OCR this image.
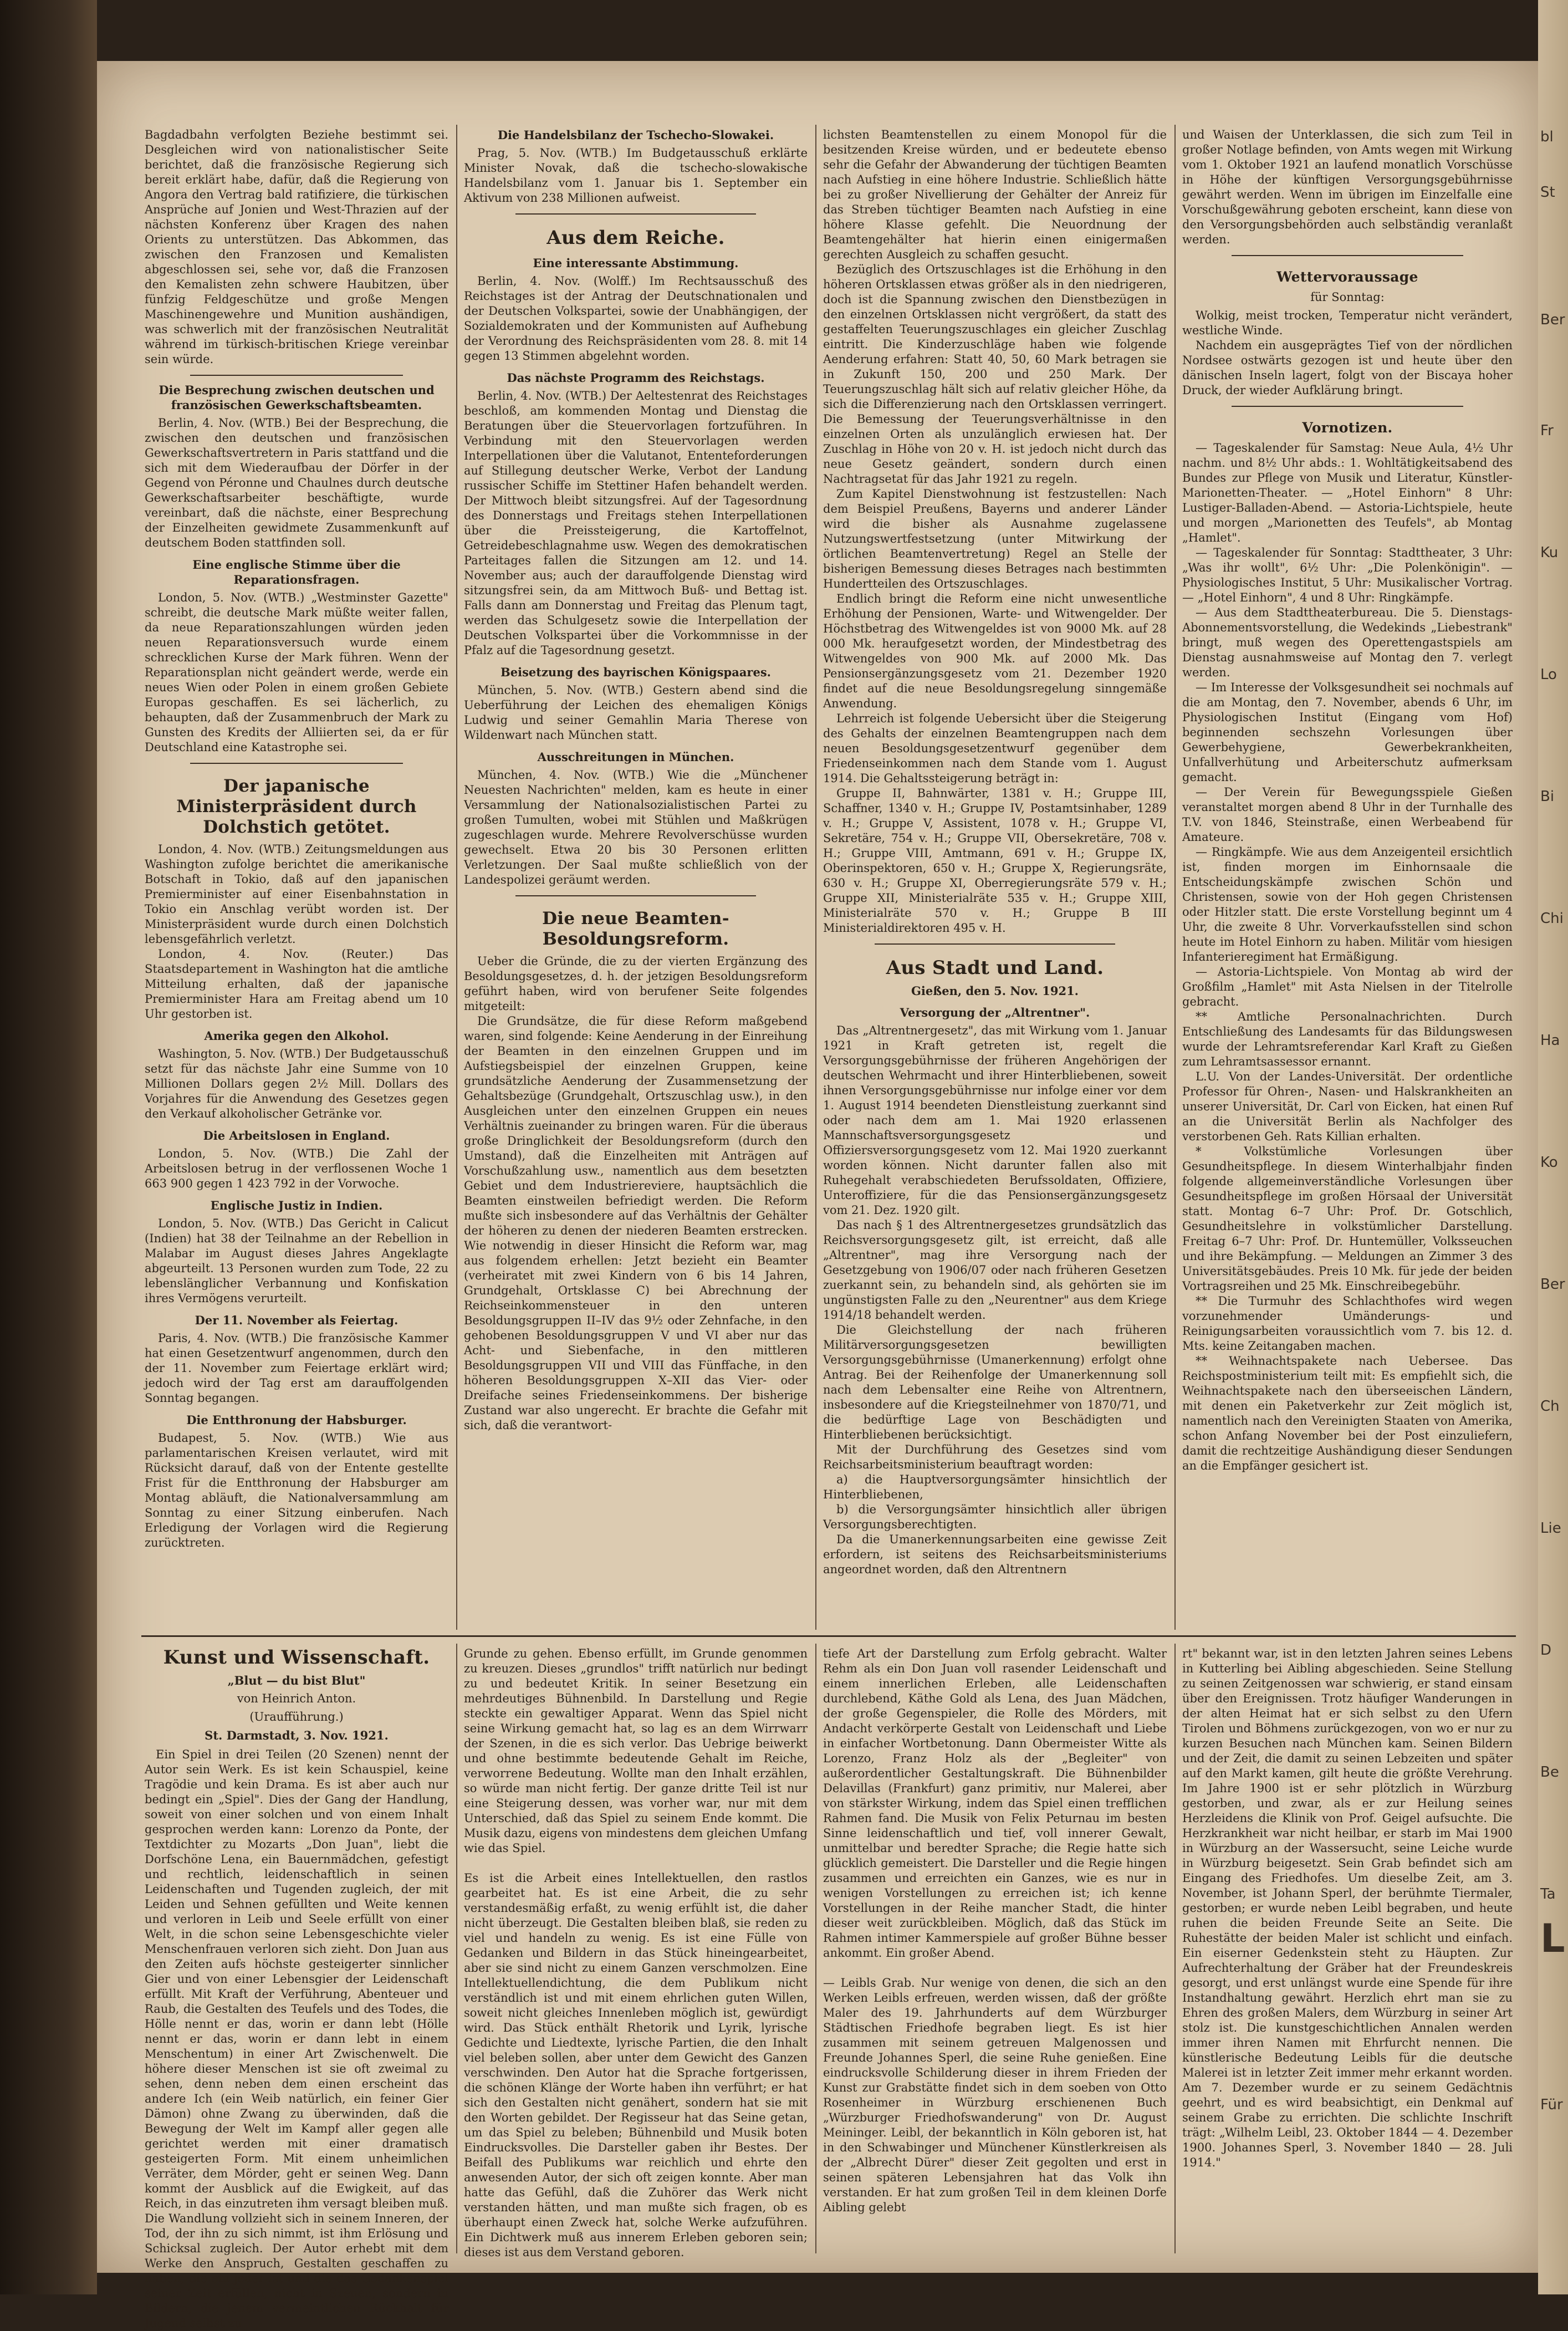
bl
St
Ber
Fr
Ku
Lo
Bi
Chi
Ha
Ko
Ber
Ch
Lie
D
Be
Ta
L
Für

Bagdadbahn verfolgten Beziehe bestimmt sei. Desgleichen wird von nationalistischer Seite berichtet, daß die französische Regierung sich bereit erklärt habe, dafür, daß die Regierung von Angora den Vertrag bald ratifiziere, die türkischen Ansprüche auf Jonien und West-Thrazien auf der nächsten Konferenz über Kragen des nahen Orients zu unterstützen. Das Abkommen, das zwischen den Franzosen und Kemalisten abgeschlossen sei, sehe vor, daß die Franzosen den Kemalisten zehn schwere Haubitzen, über fünfzig Feldgeschütze und große Mengen Maschinengewehre und Munition aushändigen, was schwerlich mit der französischen Neutralität während im türkisch-britischen Kriege vereinbar sein würde.

Die Besprechung zwischen deutschen und französischen Gewerkschaftsbeamten.

Berlin, 4. Nov. (WTB.) Bei der Besprechung, die zwischen den deutschen und französischen Gewerkschaftsvertretern in Paris stattfand und die sich mit dem Wiederaufbau der Dörfer in der Gegend von Péronne und Chaulnes durch deutsche Gewerkschaftsarbeiter beschäftigte, wurde vereinbart, daß die nächste, einer Besprechung der Einzelheiten gewidmete Zusammenkunft auf deutschem Boden stattfinden soll.

Eine englische Stimme über die Reparationsfragen.

London, 5. Nov. (WTB.) „Westminster Gazette" schreibt, die deutsche Mark müßte weiter fallen, da neue Reparationszahlungen würden jeden neuen Reparationsversuch wurde einem schrecklichen Kurse der Mark führen. Wenn der Reparationsplan nicht geändert werde, werde ein neues Wien oder Polen in einem großen Gebiete Europas geschaffen. Es sei lächerlich, zu behaupten, daß der Zusammenbruch der Mark zu Gunsten des Kredits der Alliierten sei, da er für Deutschland eine Katastrophe sei.

Der japanische Ministerpräsident durch Dolchstich getötet.

London, 4. Nov. (WTB.) Zeitungsmeldungen aus Washington zufolge berichtet die amerikanische Botschaft in Tokio, daß auf den japanischen Premierminister auf einer Eisenbahnstation in Tokio ein Anschlag verübt worden ist. Der Ministerpräsident wurde durch einen Dolchstich lebensgefährlich verletzt.

London, 4. Nov. (Reuter.) Das Staatsdepartement in Washington hat die amtliche Mitteilung erhalten, daß der japanische Premierminister Hara am Freitag abend um 10 Uhr gestorben ist.

Amerika gegen den Alkohol.

Washington, 5. Nov. (WTB.) Der Budgetausschuß setzt für das nächste Jahr eine Summe von 10 Millionen Dollars gegen 2½ Mill. Dollars des Vorjahres für die Anwendung des Gesetzes gegen den Verkauf alkoholischer Getränke vor.

Die Arbeitslosen in England.

London, 5. Nov. (WTB.) Die Zahl der Arbeitslosen betrug in der verflossenen Woche 1 663 900 gegen 1 423 792 in der Vorwoche.

Englische Justiz in Indien.

London, 5. Nov. (WTB.) Das Gericht in Calicut (Indien) hat 38 der Teilnahme an der Rebellion in Malabar im August dieses Jahres Angeklagte abgeurteilt. 13 Personen wurden zum Tode, 22 zu lebenslänglicher Verbannung und Konfiskation ihres Vermögens verurteilt.

Der 11. November als Feiertag.

Paris, 4. Nov. (WTB.) Die französische Kammer hat einen Gesetzentwurf angenommen, durch den der 11. November zum Feiertage erklärt wird; jedoch wird der Tag erst am darauffolgenden Sonntag begangen.

Die Entthronung der Habsburger.

Budapest, 5. Nov. (WTB.) Wie aus parlamentarischen Kreisen verlautet, wird mit Rücksicht darauf, daß von der Entente gestellte Frist für die Entthronung der Habsburger am Montag abläuft, die Nationalversammlung am Sonntag zu einer Sitzung einberufen. Nach Erledigung der Vorlagen wird die Regierung zurücktreten.

Die Handelsbilanz der Tschecho-Slowakei.

Prag, 5. Nov. (WTB.) Im Budgetausschuß erklärte Minister Novak, daß die tschecho-slowakische Handelsbilanz vom 1. Januar bis 1. September ein Aktivum von 238 Millionen aufweist.

Aus dem Reiche.
Eine interessante Abstimmung.

Berlin, 4. Nov. (Wolff.) Im Rechtsausschuß des Reichstages ist der Antrag der Deutschnationalen und der Deutschen Volkspartei, sowie der Unabhängigen, der Sozialdemokraten und der Kommunisten auf Aufhebung der Verordnung des Reichspräsidenten vom 28. 8. mit 14 gegen 13 Stimmen abgelehnt worden.

Das nächste Programm des Reichstags.

Berlin, 4. Nov. (WTB.) Der Aeltestenrat des Reichstages beschloß, am kommenden Montag und Dienstag die Beratungen über die Steuervorlagen fortzuführen. In Verbindung mit den Steuervorlagen werden Interpellationen über die Valutanot, Ententeforderungen auf Stillegung deutscher Werke, Verbot der Landung russischer Schiffe im Stettiner Hafen behandelt werden. Der Mittwoch bleibt sitzungsfrei. Auf der Tagesordnung des Donnerstags und Freitags stehen Interpellationen über die Preissteigerung, die Kartoffelnot, Getreidebeschlagnahme usw. Wegen des demokratischen Parteitages fallen die Sitzungen am 12. und 14. November aus; auch der darauffolgende Dienstag wird sitzungsfrei sein, da am Mittwoch Buß- und Bettag ist. Falls dann am Donnerstag und Freitag das Plenum tagt, werden das Schulgesetz sowie die Interpellation der Deutschen Volkspartei über die Vorkommnisse in der Pfalz auf die Tagesordnung gesetzt.

Beisetzung des bayrischen Königspaares.

München, 5. Nov. (WTB.) Gestern abend sind die Ueberführung der Leichen des ehemaligen Königs Ludwig und seiner Gemahlin Maria Therese von Wildenwart nach München statt.

Ausschreitungen in München.

München, 4. Nov. (WTB.) Wie die „Münchener Neuesten Nachrichten" melden, kam es heute in einer Versammlung der Nationalsozialistischen Partei zu großen Tumulten, wobei mit Stühlen und Maßkrügen zugeschlagen wurde. Mehrere Revolverschüsse wurden gewechselt. Etwa 20 bis 30 Personen erlitten Verletzungen. Der Saal mußte schließlich von der Landespolizei geräumt werden.

Die neue Beamten-Besoldungsreform.

Ueber die Gründe, die zu der vierten Ergänzung des Besoldungsgesetzes, d. h. der jetzigen Besoldungsreform geführt haben, wird von berufener Seite folgendes mitgeteilt:

Die Grundsätze, die für diese Reform maßgebend waren, sind folgende: Keine Aenderung in der Einreihung der Beamten in den einzelnen Gruppen und im Aufstiegsbeispiel der einzelnen Gruppen, keine grundsätzliche Aenderung der Zusammensetzung der Gehaltsbezüge (Grundgehalt, Ortszuschlag usw.), in den Ausgleichen unter den einzelnen Gruppen ein neues Verhältnis zueinander zu bringen waren. Für die überaus große Dringlichkeit der Besoldungsreform (durch den Umstand), daß die Einzelheiten mit Anträgen auf Vorschußzahlung usw., namentlich aus dem besetzten Gebiet und dem Industriereviere, hauptsächlich die Beamten einstweilen befriedigt werden. Die Reform mußte sich insbesondere auf das Verhältnis der Gehälter der höheren zu denen der niederen Beamten erstrecken. Wie notwendig in dieser Hinsicht die Reform war, mag aus folgendem erhellen: Jetzt bezieht ein Beamter (verheiratet mit zwei Kindern von 6 bis 14 Jahren, Grundgehalt, Ortsklasse C) bei Abrechnung der Reichseinkommensteuer in den unteren Besoldungsgruppen II–IV das 9½ oder Zehnfache, in den gehobenen Besoldungsgruppen V und VI aber nur das Acht- und Siebenfache, in den mittleren Besoldungsgruppen VII und VIII das Fünffache, in den höheren Besoldungsgruppen X–XII das Vier- oder Dreifache seines Friedenseinkommens. Der bisherige Zustand war also ungerecht. Er brachte die Gefahr mit sich, daß die verantwort-

lichsten Beamtenstellen zu einem Monopol für die besitzenden Kreise würden, und er bedeutete ebenso sehr die Gefahr der Abwanderung der tüchtigen Beamten nach Aufstieg in eine höhere Industrie. Schließlich hätte bei zu großer Nivellierung der Gehälter der Anreiz für das Streben tüchtiger Beamten nach Aufstieg in eine höhere Klasse gefehlt. Die Neuordnung der Beamtengehälter hat hierin einen einigermaßen gerechten Ausgleich zu schaffen gesucht.

Bezüglich des Ortszuschlages ist die Erhöhung in den höheren Ortsklassen etwas größer als in den niedrigeren, doch ist die Spannung zwischen den Dienstbezügen in den einzelnen Ortsklassen nicht vergrößert, da statt des gestaffelten Teuerungszuschlages ein gleicher Zuschlag eintritt. Die Kinderzuschläge haben wie folgende Aenderung erfahren: Statt 40, 50, 60 Mark betragen sie in Zukunft 150, 200 und 250 Mark. Der Teuerungszuschlag hält sich auf relativ gleicher Höhe, da sich die Differenzierung nach den Ortsklassen verringert. Die Bemessung der Teuerungsverhältnisse in den einzelnen Orten als unzulänglich erwiesen hat. Der Zuschlag in Höhe von 20 v. H. ist jedoch nicht durch das neue Gesetz geändert, sondern durch einen Nachtragsetat für das Jahr 1921 zu regeln.

Zum Kapitel Dienstwohnung ist festzustellen: Nach dem Beispiel Preußens, Bayerns und anderer Länder wird die bisher als Ausnahme zugelassene Nutzungswertfestsetzung (unter Mitwirkung der örtlichen Beamtenvertretung) Regel an Stelle der bisherigen Bemessung dieses Betrages nach bestimmten Hundertteilen des Ortszuschlages.

Endlich bringt die Reform eine nicht unwesentliche Erhöhung der Pensionen, Warte- und Witwengelder. Der Höchstbetrag des Witwengeldes ist von 9000 Mk. auf 28 000 Mk. heraufgesetzt worden, der Mindestbetrag des Witwengeldes von 900 Mk. auf 2000 Mk. Das Pensionsergänzungsgesetz vom 21. Dezember 1920 findet auf die neue Besoldungsregelung sinngemäße Anwendung.

Lehrreich ist folgende Uebersicht über die Steigerung des Gehalts der einzelnen Beamtengruppen nach dem neuen Besoldungsgesetzentwurf gegenüber dem Friedenseinkommen nach dem Stande vom 1. August 1914. Die Gehaltssteigerung beträgt in:

Gruppe II, Bahnwärter, 1381 v. H.; Gruppe III, Schaffner, 1340 v. H.; Gruppe IV, Postamtsinhaber, 1289 v. H.; Gruppe V, Assistent, 1078 v. H.; Gruppe VI, Sekretäre, 754 v. H.; Gruppe VII, Obersekretäre, 708 v. H.; Gruppe VIII, Amtmann, 691 v. H.; Gruppe IX, Oberinspektoren, 650 v. H.; Gruppe X, Regierungsräte, 630 v. H.; Gruppe XI, Oberregierungsräte 579 v. H.; Gruppe XII, Ministerialräte 535 v. H.; Gruppe XIII, Ministerialräte 570 v. H.; Gruppe B III Ministerialdirektoren 495 v. H.

Aus Stadt und Land.
Gießen, den 5. Nov. 1921.
Versorgung der „Altrentner".

Das „Altrentnergesetz", das mit Wirkung vom 1. Januar 1921 in Kraft getreten ist, regelt die Versorgungsgebührnisse der früheren Angehörigen der deutschen Wehrmacht und ihrer Hinterbliebenen, soweit ihnen Versorgungsgebührnisse nur infolge einer vor dem 1. August 1914 beendeten Dienstleistung zuerkannt sind oder nach dem am 1. Mai 1920 erlassenen Mannschaftsversorgungsgesetz und Offiziersversorgungsgesetz vom 12. Mai 1920 zuerkannt worden können. Nicht darunter fallen also mit Ruhegehalt verabschiedeten Berufssoldaten, Offiziere, Unteroffiziere, für die das Pensionsergänzungsgesetz vom 21. Dez. 1920 gilt.

Das nach § 1 des Altrentnergesetzes grundsätzlich das Reichsversorgungsgesetz gilt, ist erreicht, daß alle „Altrentner", mag ihre Versorgung nach der Gesetzgebung von 1906/07 oder nach früheren Gesetzen zuerkannt sein, zu behandeln sind, als gehörten sie im ungünstigsten Falle zu den „Neurentner" aus dem Kriege 1914/18 behandelt werden.

Die Gleichstellung der nach früheren Militärversorgungsgesetzen bewilligten Versorgungsgebührnisse (Umanerkennung) erfolgt ohne Antrag. Bei der Reihenfolge der Umanerkennung soll nach dem Lebensalter eine Reihe von Altrentnern, insbesondere auf die Kriegsteilnehmer von 1870/71, und die bedürftige Lage von Beschädigten und Hinterbliebenen berücksichtigt.

Mit der Durchführung des Gesetzes sind vom Reichsarbeitsministerium beauftragt worden:

a) die Hauptversorgungsämter hinsichtlich der Hinterbliebenen,

b) die Versorgungsämter hinsichtlich aller übrigen Versorgungsberechtigten.

Da die Umanerkennungsarbeiten eine gewisse Zeit erfordern, ist seitens des Reichsarbeitsministeriums angeordnet worden, daß den Altrentnern

und Waisen der Unterklassen, die sich zum Teil in großer Notlage befinden, von Amts wegen mit Wirkung vom 1. Oktober 1921 an laufend monatlich Vorschüsse in Höhe der künftigen Versorgungsgebührnisse gewährt werden. Wenn im übrigen im Einzelfalle eine Vorschußgewährung geboten erscheint, kann diese von den Versorgungsbehörden auch selbständig veranlaßt werden.

Wettervoraussage
für Sonntag:

Wolkig, meist trocken, Temperatur nicht verändert, westliche Winde.

Nachdem ein ausgeprägtes Tief von der nördlichen Nordsee ostwärts gezogen ist und heute über den dänischen Inseln lagert, folgt von der Biscaya hoher Druck, der wieder Aufklärung bringt.

Vornotizen.

— Tageskalender für Samstag: Neue Aula, 4½ Uhr nachm. und 8½ Uhr abds.: 1. Wohltätigkeitsabend des Bundes zur Pflege von Musik und Literatur, Künstler-Marionetten-Theater. — „Hotel Einhorn" 8 Uhr: Lustiger-Balladen-Abend. — Astoria-Lichtspiele, heute und morgen „Marionetten des Teufels", ab Montag „Hamlet".

— Tageskalender für Sonntag: Stadttheater, 3 Uhr: „Was ihr wollt", 6½ Uhr: „Die Polenkönigin". — Physiologisches Institut, 5 Uhr: Musikalischer Vortrag. — „Hotel Einhorn", 4 und 8 Uhr: Ringkämpfe.

— Aus dem Stadttheaterbureau. Die 5. Dienstags-Abonnementsvorstellung, die Wedekinds „Liebestrank" bringt, muß wegen des Operettengastspiels am Dienstag ausnahmsweise auf Montag den 7. verlegt werden.

— Im Interesse der Volksgesundheit sei nochmals auf die am Montag, den 7. November, abends 6 Uhr, im Physiologischen Institut (Eingang vom Hof) beginnenden sechszehn Vorlesungen über Gewerbehygiene, Gewerbekrankheiten, Unfallverhütung und Arbeiterschutz aufmerksam gemacht.

— Der Verein für Bewegungsspiele Gießen veranstaltet morgen abend 8 Uhr in der Turnhalle des T.V. von 1846, Steinstraße, einen Werbeabend für Amateure.

— Ringkämpfe. Wie aus dem Anzeigenteil ersichtlich ist, finden morgen im Einhornsaale die Entscheidungskämpfe zwischen Schön und Christensen, sowie von der Hoh gegen Christensen oder Hitzler statt. Die erste Vorstellung beginnt um 4 Uhr, die zweite 8 Uhr. Vorverkaufsstellen sind schon heute im Hotel Einhorn zu haben. Militär vom hiesigen Infanterieregiment hat Ermäßigung.

— Astoria-Lichtspiele. Von Montag ab wird der Großfilm „Hamlet" mit Asta Nielsen in der Titelrolle gebracht.

** Amtliche Personalnachrichten. Durch Entschließung des Landesamts für das Bildungswesen wurde der Lehramtsreferendar Karl Kraft zu Gießen zum Lehramtsassessor ernannt.

L.U. Von der Landes-Universität. Der ordentliche Professor für Ohren-, Nasen- und Halskrankheiten an unserer Universität, Dr. Carl von Eicken, hat einen Ruf an die Universität Berlin als Nachfolger des verstorbenen Geh. Rats Killian erhalten.

* Volkstümliche Vorlesungen über Gesundheitspflege. In diesem Winterhalbjahr finden folgende allgemeinverständliche Vorlesungen über Gesundheitspflege im großen Hörsaal der Universität statt. Montag 6–7 Uhr: Prof. Dr. Gotschlich, Gesundheitslehre in volkstümlicher Darstellung. Freitag 6–7 Uhr: Prof. Dr. Huntemüller, Volksseuchen und ihre Bekämpfung. — Meldungen an Zimmer 3 des Universitätsgebäudes. Preis 10 Mk. für jede der beiden Vortragsreihen und 25 Mk. Einschreibegebühr.

** Die Turmuhr des Schlachthofes wird wegen vorzunehmender Umänderungs- und Reinigungsarbeiten voraussichtlich vom 7. bis 12. d. Mts. keine Zeitangaben machen.

** Weihnachtspakete nach Uebersee. Das Reichspostministerium teilt mit: Es empfiehlt sich, die Weihnachtspakete nach den überseeischen Ländern, mit denen ein Paketverkehr zur Zeit möglich ist, namentlich nach den Vereinigten Staaten von Amerika, schon Anfang November bei der Post einzuliefern, damit die rechtzeitige Aushändigung dieser Sendungen an die Empfänger gesichert ist.

Kunst und Wissenschaft.
„Blut — du bist Blut"
von Heinrich Anton.
(Uraufführung.)
St. Darmstadt, 3. Nov. 1921.

Ein Spiel in drei Teilen (20 Szenen) nennt der Autor sein Werk. Es ist kein Schauspiel, keine Tragödie und kein Drama. Es ist aber auch nur bedingt ein „Spiel". Dies der Gang der Handlung, soweit von einer solchen und von einem Inhalt gesprochen werden kann: Lorenzo da Ponte, der Textdichter zu Mozarts „Don Juan", liebt die Dorfschöne Lena, ein Bauernmädchen, gefestigt und rechtlich, leidenschaftlich in seinen Leidenschaften und Tugenden zugleich, der mit Leiden und Sehnen gefüllten und Weite kennen und verloren in Leib und Seele erfüllt von einer Welt, in die schon seine Lebensgeschichte vieler Menschenfrauen verloren sich zieht. Don Juan aus den Zeiten aufs höchste gesteigerter sinnlicher Gier und von einer Lebensgier der Leidenschaft erfüllt. Mit Kraft der Verführung, Abenteuer und Raub, die Gestalten des Teufels und des Todes, die Hölle nennt er das, worin er dann lebt (Hölle nennt er das, worin er dann lebt in einem Menschentum) in einer Art Zwischenwelt. Die höhere dieser Menschen ist sie oft zweimal zu sehen, denn neben dem einen erscheint das andere Ich (ein Weib natürlich, ein feiner Gier Dämon) ohne Zwang zu überwinden, daß die Bewegung der Welt im Kampf aller gegen alle gerichtet werden mit einer dramatisch gesteigerten Form. Mit einem unheimlichen Verräter, dem Mörder, geht er seinen Weg. Dann kommt der Ausblick auf die Ewigkeit, auf das Reich, in das einzutreten ihm versagt bleiben muß. Die Wandlung vollzieht sich in seinem Inneren, der Tod, der ihn zu sich nimmt, ist ihm Erlösung und Schicksal zugleich. Der Autor erhebt mit dem Werke den Anspruch, Gestalten geschaffen zu haben, die ein jeder ist und die das Gedankenspiel seiner Zeit erfüllen, nicht in Szenen, sondern in Bildern, die jenem vermeintlichen Rückhalt für Jugend selbst zu

Grunde zu gehen. Ebenso erfüllt, im Grunde genommen zu kreuzen. Dieses „grundlos" trifft natürlich nur bedingt zu und bedeutet Kritik. In seiner Besetzung ein mehrdeutiges Bühnenbild. In Darstellung und Regie steckte ein gewaltiger Apparat. Wenn das Spiel nicht seine Wirkung gemacht hat, so lag es an dem Wirrwarr der Szenen, in die es sich verlor. Das Uebrige beiwerkt und ohne bestimmte bedeutende Gehalt im Reiche, verworrene Bedeutung. Wollte man den Inhalt erzählen, so würde man nicht fertig. Der ganze dritte Teil ist nur eine Steigerung dessen, was vorher war, nur mit dem Unterschied, daß das Spiel zu seinem Ende kommt. Die Musik dazu, eigens von mindestens dem gleichen Umfang wie das Spiel.

Es ist die Arbeit eines Intellektuellen, den rastlos gearbeitet hat. Es ist eine Arbeit, die zu sehr verstandesmäßig erfaßt, zu wenig erfühlt ist, die daher nicht überzeugt. Die Gestalten bleiben blaß, sie reden zu viel und handeln zu wenig. Es ist eine Fülle von Gedanken und Bildern in das Stück hineingearbeitet, aber sie sind nicht zu einem Ganzen verschmolzen. Eine Intellektuellendichtung, die dem Publikum nicht verständlich ist und mit einem ehrlichen guten Willen, soweit nicht gleiches Innenleben möglich ist, gewürdigt wird. Das Stück enthält Rhetorik und Lyrik, lyrische Gedichte und Liedtexte, lyrische Partien, die den Inhalt viel beleben sollen, aber unter dem Gewicht des Ganzen verschwinden. Den Autor hat die Sprache fortgerissen, die schönen Klänge der Worte haben ihn verführt; er hat sich den Gestalten nicht genähert, sondern hat sie mit den Worten gebildet. Der Regisseur hat das Seine getan, um das Spiel zu beleben; Bühnenbild und Musik boten Eindrucksvolles. Die Darsteller gaben ihr Bestes. Der Beifall des Publikums war reichlich und ehrte den anwesenden Autor, der sich oft zeigen konnte. Aber man hatte das Gefühl, daß die Zuhörer das Werk nicht verstanden hätten, und man mußte sich fragen, ob es überhaupt einen Zweck hat, solche Werke aufzuführen. Ein Dichtwerk muß aus innerem Erleben geboren sein; dieses ist aus dem Verstand geboren.

tiefe Art der Darstellung zum Erfolg gebracht. Walter Rehm als ein Don Juan voll rasender Leidenschaft und einem innerlichen Erleben, alle Leidenschaften durchlebend, Käthe Gold als Lena, des Juan Mädchen, der große Gegenspieler, die Rolle des Mörders, mit Andacht verkörperte Gestalt von Leidenschaft und Liebe in einfacher Wortbetonung. Dann Obermeister Witte als Lorenzo, Franz Holz als der „Begleiter" von außerordentlicher Gestaltungskraft. Die Bühnenbilder Delavillas (Frankfurt) ganz primitiv, nur Malerei, aber von stärkster Wirkung, indem das Spiel einen trefflichen Rahmen fand. Die Musik von Felix Peturnau im besten Sinne leidenschaftlich und tief, voll innerer Gewalt, unmittelbar und beredter Sprache; die Regie hatte sich glücklich gemeistert. Die Darsteller und die Regie hingen zusammen und erreichten ein Ganzes, wie es nur in wenigen Vorstellungen zu erreichen ist; ich kenne Vorstellungen in der Reihe mancher Stadt, die hinter dieser weit zurückbleiben. Möglich, daß das Stück im Rahmen intimer Kammerspiele auf großer Bühne besser ankommt. Ein großer Abend.

— Leibls Grab. Nur wenige von denen, die sich an den Werken Leibls erfreuen, werden wissen, daß der größte Maler des 19. Jahrhunderts auf dem Würzburger Städtischen Friedhofe begraben liegt. Es ist hier zusammen mit seinem getreuen Malgenossen und Freunde Johannes Sperl, die seine Ruhe genießen. Eine eindrucksvolle Schilderung dieser in ihrem Frieden der Kunst zur Grabstätte findet sich in dem soeben von Otto Rosenheimer in Würzburg erschienenen Buch „Würzburger Friedhofswanderung" von Dr. August Meininger. Leibl, der bekanntlich in Köln geboren ist, hat in den Schwabinger und Münchener Künstlerkreisen als der „Albrecht Dürer" dieser Zeit gegolten und erst in seinen späteren Lebensjahren hat das Volk ihn verstanden. Er hat zum großen Teil in dem kleinen Dorfe Aibling gelebt

rt" bekannt war, ist in den letzten Jahren seines Lebens in Kutterling bei Aibling abgeschieden. Seine Stellung zu seinen Zeitgenossen war schwierig, er stand einsam über den Ereignissen. Trotz häufiger Wanderungen in der alten Heimat hat er sich selbst zu den Ufern Tirolen und Böhmens zurückgezogen, von wo er nur zu kurzen Besuchen nach München kam. Seinen Bildern und der Zeit, die damit zu seinen Lebzeiten und später auf den Markt kamen, gilt heute die größte Verehrung. Im Jahre 1900 ist er sehr plötzlich in Würzburg gestorben, und zwar, als er zur Heilung seines Herzleidens die Klinik von Prof. Geigel aufsuchte. Die Herzkrankheit war nicht heilbar, er starb im Mai 1900 in Würzburg an der Wassersucht, seine Leiche wurde in Würzburg beigesetzt. Sein Grab befindet sich am Eingang des Friedhofes. Um dieselbe Zeit, am 3. November, ist Johann Sperl, der berühmte Tiermaler, gestorben; er wurde neben Leibl begraben, und heute ruhen die beiden Freunde Seite an Seite. Die Ruhestätte der beiden Maler ist schlicht und einfach. Ein eiserner Gedenkstein steht zu Häupten. Zur Aufrechterhaltung der Gräber hat der Freundeskreis gesorgt, und erst unlängst wurde eine Spende für ihre Instandhaltung gewährt. Herzlich ehrt man sie zu Ehren des großen Malers, dem Würzburg in seiner Art stolz ist. Die kunstgeschichtlichen Annalen werden immer ihren Namen mit Ehrfurcht nennen. Die künstlerische Bedeutung Leibls für die deutsche Malerei ist in letzter Zeit immer mehr erkannt worden. Am 7. Dezember wurde er zu seinem Gedächtnis geehrt, und es wird beabsichtigt, ein Denkmal auf seinem Grabe zu errichten. Die schlichte Inschrift trägt: „Wilhelm Leibl, 23. Oktober 1844 — 4. Dezember 1900. Johannes Sperl, 3. November 1840 — 28. Juli 1914."
